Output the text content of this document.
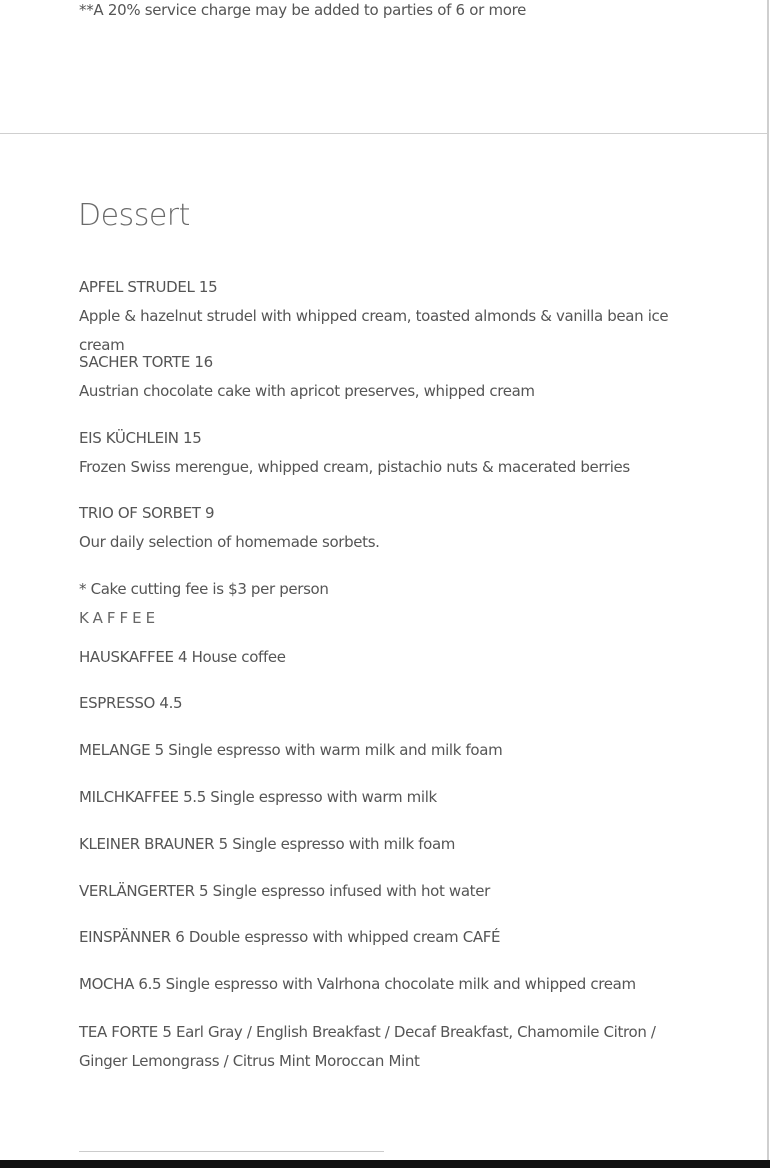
**A 20% service charge may be added to parties of 6 or more
Dessert
APFEL STRUDEL 15
Apple & hazelnut strudel with whipped cream, toasted almonds & vanilla bean ice cream
SACHER TORTE 16
Austrian chocolate cake with apricot preserves, whipped cream
EIS KÜCHLEIN 15
Frozen Swiss merengue, whipped cream, pistachio nuts & macerated berries
TRIO OF SORBET 9
Our daily selection of homemade sorbets.
* Cake cutting fee is $3 per person
KAFFEE
HAUSKAFFEE 4 House coffee
ESPRESSO 4.5
MELANGE 5 Single espresso with warm milk and milk foam
MILCHKAFFEE 5.5 Single espresso with warm milk
KLEINER BRAUNER 5 Single espresso with milk foam
VERLÄNGERTER 5 Single espresso infused with hot water
EINSPÄNNER 6 Double espresso with whipped cream CAFÉ
MOCHA 6.5 Single espresso with Valrhona chocolate milk and whipped cream
TEA FORTE 5 Earl Gray / English Breakfast / Decaf Breakfast, Chamomile Citron / Ginger Lemongrass / Citrus Mint Moroccan Mint
